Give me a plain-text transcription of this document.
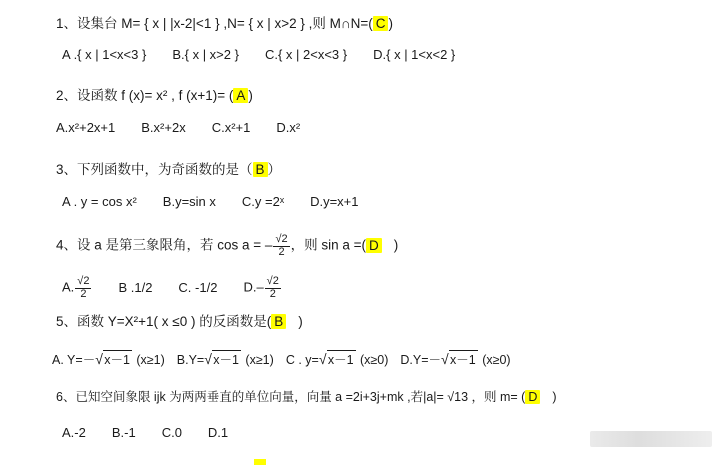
1、设集台 M= { x | |x-2|<1 } ,N= { x | x>2 } ,则 M∩N=( C )
A .{ x | 1<x<3 } B.{ x | x>2 } C.{ x | 2<x<3 } D.{ x | 1<x<2 }
2、设函数 f (x)= x² , f (x+1)= ( A )
A.x²+2x+1 B.x²+2x C.x²+1 D.x²
3、下列函数中，为奇函数的是（ B ）
A . y = cos x² B.y=sin x C.y =2ˣ D.y=x+1
4、设 a 是第三象限角，若 cos a = – $\frac{√2}{2}$ ，则 sin a =( D )
A. $\frac{√2}{2}$ B .1/2 C. -1/2 $D.- \frac{√2}{2}$
5、函数 Y=X²+1( x ≤0 ) 的反函数是( B )
A. Y=－ √ x－1 (x≥1) B.Y= √ x－1 (x≥1) C . y= √ x－1 (x≥0) D.Y=－ √ x－1 (x≥0)
6、已知空间象限 ijk 为两两垂直的单位向量，向量 a =2i+3j+mk ,若|a|= √13 ，则 m= ( D )
A.-2 B.-1 C.0 D.1
